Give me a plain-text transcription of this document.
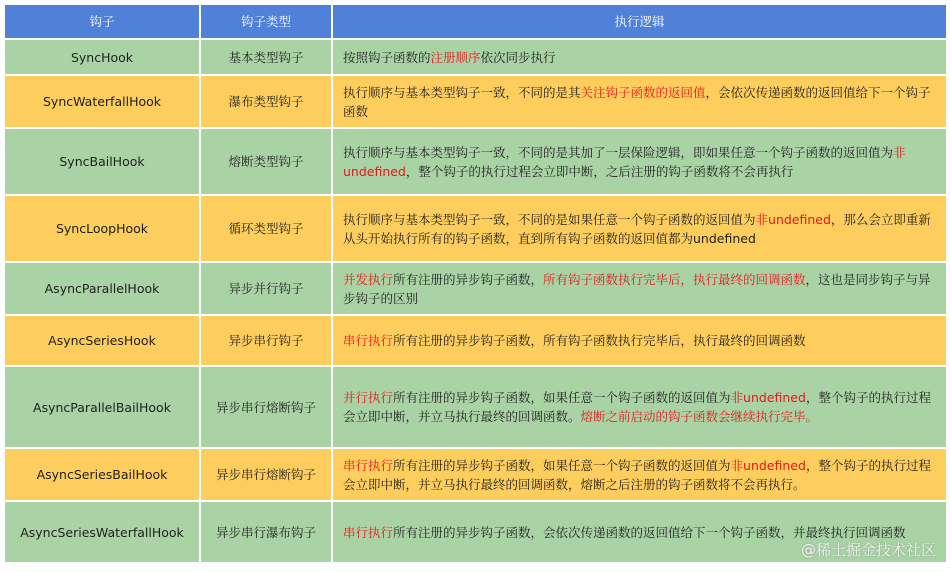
钩子	钩子类型	执行逻辑
SyncHook	基本类型钩子	按照钩子函数的注册顺序依次同步执行
SyncWaterfallHook	瀑布类型钩子	执行顺序与基本类型钩子一致，不同的是其关注钩子函数的返回值，会依次传递函数的返回值给下一个钩子函数
SyncBailHook	熔断类型钩子	执行顺序与基本类型钩子一致，不同的是其加了一层保险逻辑，即如果任意一个钩子函数的返回值为非undefined，整个钩子的执行过程会立即中断，之后注册的钩子函数将不会再执行
SyncLoopHook	循环类型钩子	执行顺序与基本类型钩子一致，不同的是如果任意一个钩子函数的返回值为非undefined，那么会立即重新从头开始执行所有的钩子函数，直到所有钩子函数的返回值都为undefined
AsyncParallelHook	异步并行钩子	并发执行所有注册的异步钩子函数，所有钩子函数执行完毕后，执行最终的回调函数，这也是同步钩子与异步钩子的区别
AsyncSeriesHook	异步串行钩子	串行执行所有注册的异步钩子函数，所有钩子函数执行完毕后，执行最终的回调函数
AsyncParallelBailHook	异步串行熔断钩子	并行执行所有注册的异步钩子函数，如果任意一个钩子函数的返回值为非undefined，整个钩子的执行过程会立即中断，并立马执行最终的回调函数。熔断之前启动的钩子函数会继续执行完毕。
AsyncSeriesBailHook	异步串行熔断钩子	串行执行所有注册的异步钩子函数，如果任意一个钩子函数的返回值为非undefined，整个钩子的执行过程会立即中断，并立马执行最终的回调函数，熔断之后注册的钩子函数将不会再执行。
AsyncSeriesWaterfallHook	异步串行瀑布钩子	串行执行所有注册的异步钩子函数，会依次传递函数的返回值给下一个钩子函数，并最终执行回调函数
@稀土掘金技术社区
